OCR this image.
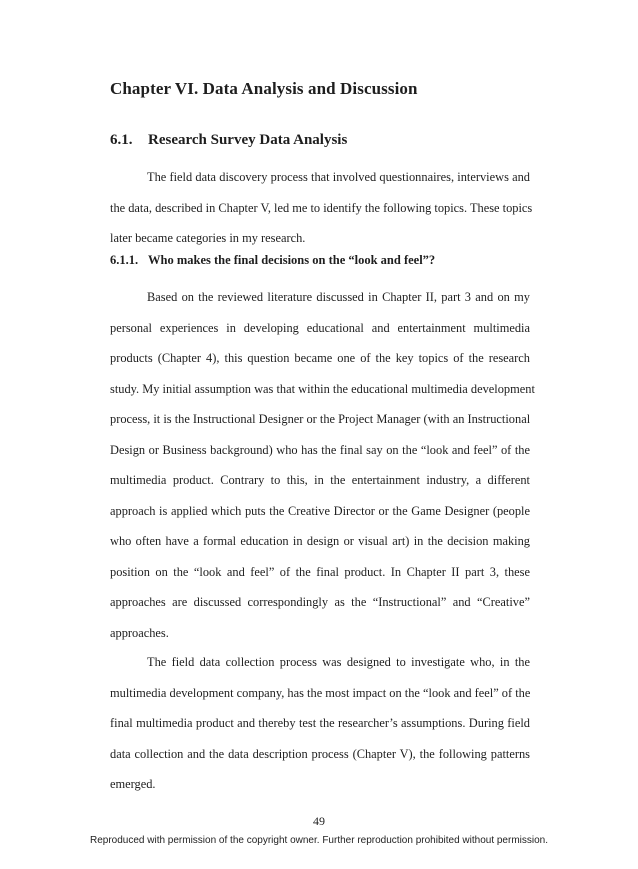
Chapter VI. Data Analysis and Discussion
6.1. Research Survey Data Analysis
The field data discovery process that involved questionnaires, interviews and
the data, described in Chapter V, led me to identify the following topics. These topics
later became categories in my research.
6.1.1. Who makes the final decisions on the “look and feel”?
Based on the reviewed literature discussed in Chapter II, part 3 and on my
personal experiences in developing educational and entertainment multimedia
products (Chapter 4), this question became one of the key topics of the research
study. My initial assumption was that within the educational multimedia development
process, it is the Instructional Designer or the Project Manager (with an Instructional
Design or Business background) who has the final say on the “look and feel” of the
multimedia product. Contrary to this, in the entertainment industry, a different
approach is applied which puts the Creative Director or the Game Designer (people
who often have a formal education in design or visual art) in the decision making
position on the “look and feel” of the final product. In Chapter II part 3, these
approaches are discussed correspondingly as the “Instructional” and “Creative”
approaches.
The field data collection process was designed to investigate who, in the
multimedia development company, has the most impact on the “look and feel” of the
final multimedia product and thereby test the researcher’s assumptions. During field
data collection and the data description process (Chapter V), the following patterns
emerged.

49

Reproduced with permission of the copyright owner. Further reproduction prohibited without permission.
